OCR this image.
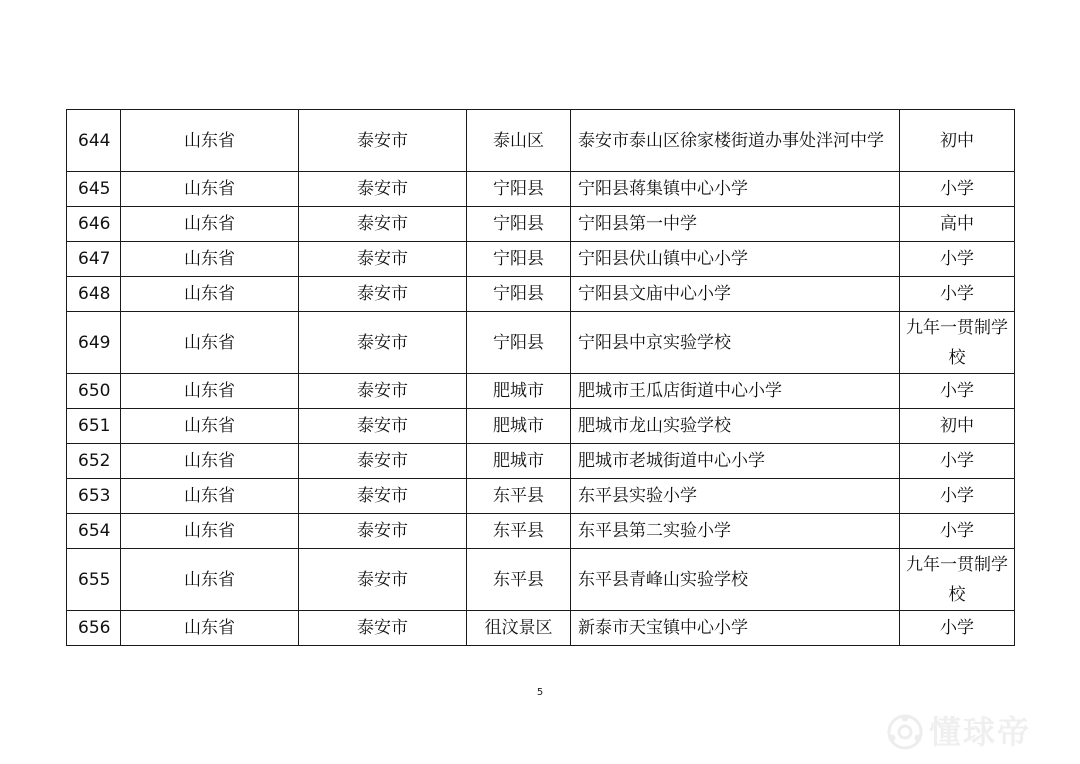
644	山东省	泰安市	泰山区	泰安市泰山区徐家楼街道办事处泮河中学	初中
645	山东省	泰安市	宁阳县	宁阳县蒋集镇中心小学	小学
646	山东省	泰安市	宁阳县	宁阳县第一中学	高中
647	山东省	泰安市	宁阳县	宁阳县伏山镇中心小学	小学
648	山东省	泰安市	宁阳县	宁阳县文庙中心小学	小学
649	山东省	泰安市	宁阳县	宁阳县中京实验学校	九年一贯制学校
650	山东省	泰安市	肥城市	肥城市王瓜店街道中心小学	小学
651	山东省	泰安市	肥城市	肥城市龙山实验学校	初中
652	山东省	泰安市	肥城市	肥城市老城街道中心小学	小学
653	山东省	泰安市	东平县	东平县实验小学	小学
654	山东省	泰安市	东平县	东平县第二实验小学	小学
655	山东省	泰安市	东平县	东平县青峰山实验学校	九年一贯制学校
656	山东省	泰安市	徂汶景区	新泰市天宝镇中心小学	小学
5
懂球帝
